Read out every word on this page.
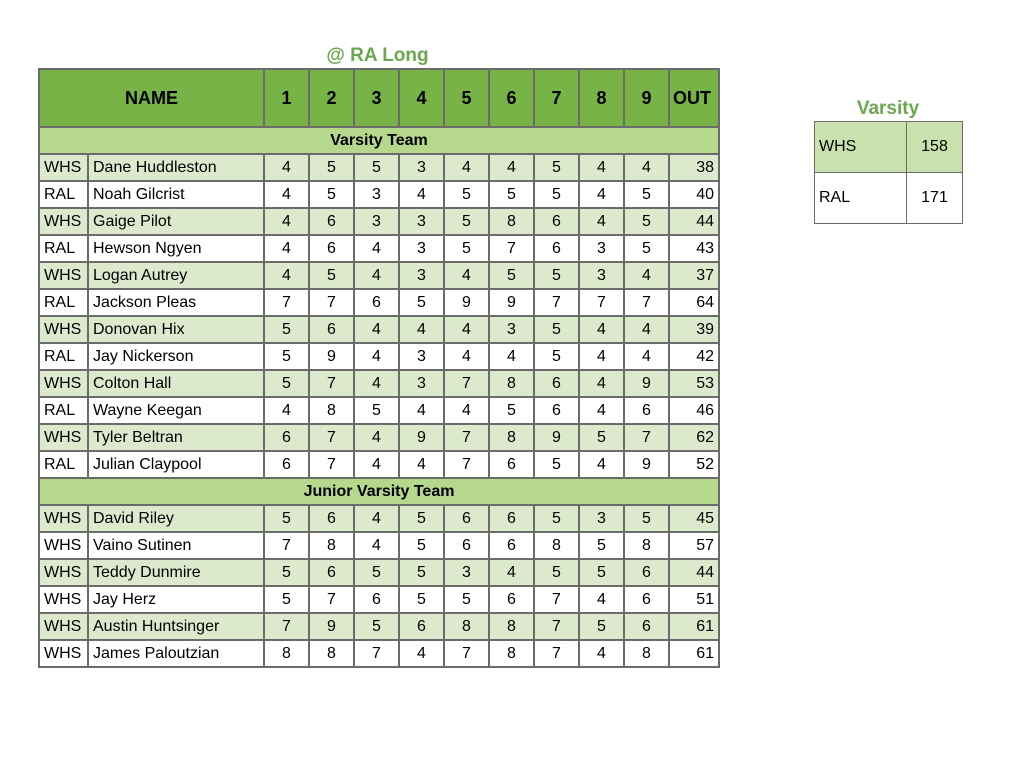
@ RA Long
NAME		1	2	3	4	5	6	7	8	9	OUT
Varsity Team											
WHS	Dane Huddleston	4	5	5	3	4	4	5	4	4	38
RAL	Noah Gilcrist	4	5	3	4	5	5	5	4	5	40
WHS	Gaige Pilot	4	6	3	3	5	8	6	4	5	44
RAL	Hewson Ngyen	4	6	4	3	5	7	6	3	5	43
WHS	Logan Autrey	4	5	4	3	4	5	5	3	4	37
RAL	Jackson Pleas	7	7	6	5	9	9	7	7	7	64
WHS	Donovan Hix	5	6	4	4	4	3	5	4	4	39
RAL	Jay Nickerson	5	9	4	3	4	4	5	4	4	42
WHS	Colton Hall	5	7	4	3	7	8	6	4	9	53
RAL	Wayne Keegan	4	8	5	4	4	5	6	4	6	46
WHS	Tyler Beltran	6	7	4	9	7	8	9	5	7	62
RAL	Julian Claypool	6	7	4	4	7	6	5	4	9	52
Junior Varsity Team											
WHS	David Riley	5	6	4	5	6	6	5	3	5	45
WHS	Vaino Sutinen	7	8	4	5	6	6	8	5	8	57
WHS	Teddy Dunmire	5	6	5	5	3	4	5	5	6	44
WHS	Jay Herz	5	7	6	5	5	6	7	4	6	51
WHS	Austin Huntsinger	7	9	5	6	8	8	7	5	6	61
WHS	James Paloutzian	8	8	7	4	7	8	7	4	8	61
Varsity
WHS	158
RAL	171
